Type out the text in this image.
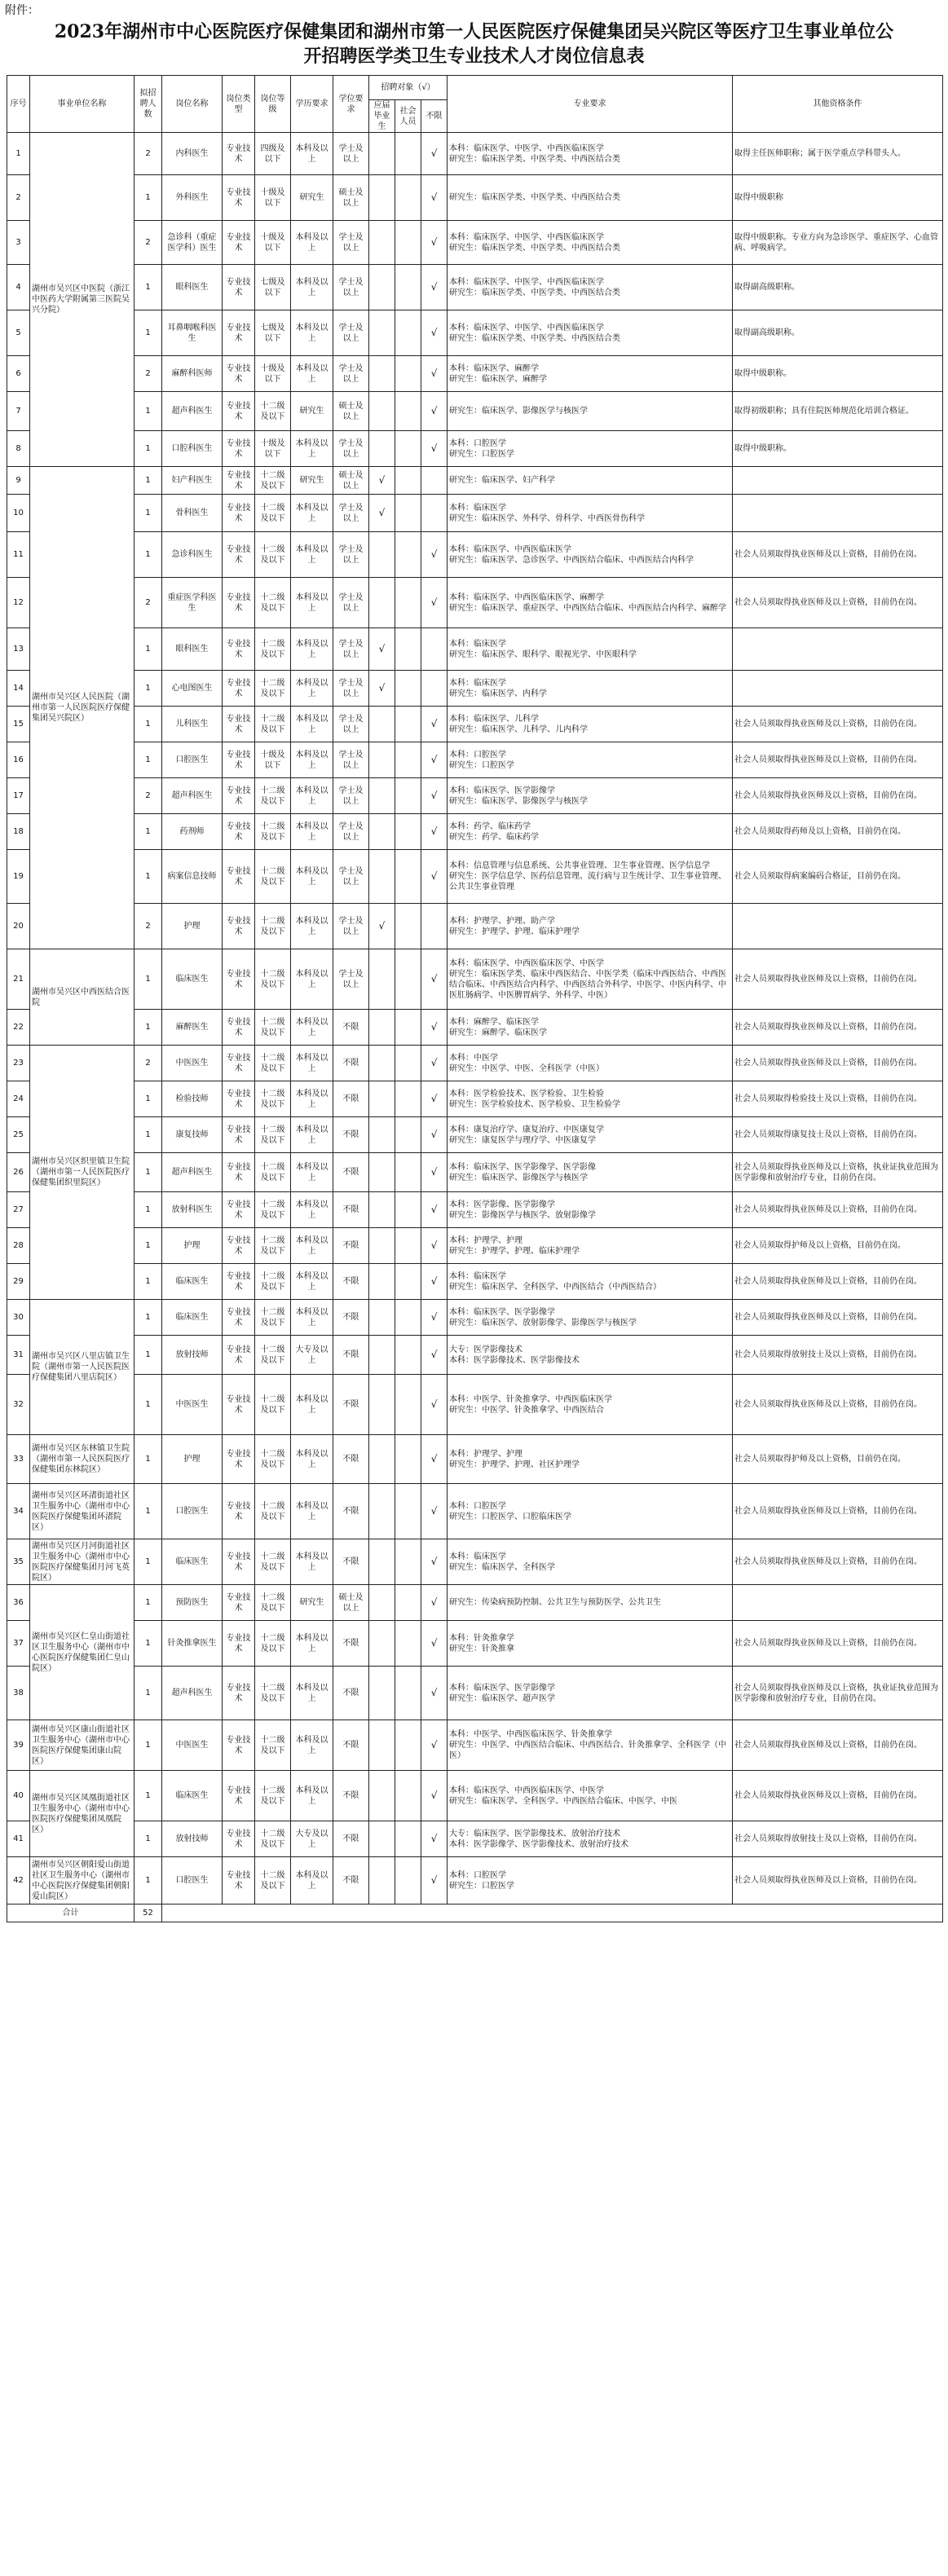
附件：
2023年湖州市中心医院医疗保健集团和湖州市第一人民医院医疗保健集团吴兴院区等医疗卫生事业单位公
开招聘医学类卫生专业技术人才岗位信息表
序号	事业单位名称	拟招聘人数	岗位名称	岗位类型	岗位等级	学历要求	学位要求	招聘对象（√）			专业要求	其他资格条件
								应届毕业生	社会人员	不限		
1	湖州市吴兴区中医院（浙江中医药大学附属第三医院吴兴分院）	2	内科医生	专业技术	四级及以下	本科及以上	学士及以上			√	本科：临床医学、中医学、中西医临床医学
研究生：临床医学类、中医学类、中西医结合类	取得主任医师职称；属于医学重点学科带头人。
2		1	外科医生	专业技术	十级及以下	研究生	硕士及以上			√	研究生：临床医学类、中医学类、中西医结合类	取得中级职称
3		2	急诊科（重症医学科）医生	专业技术	十级及以下	本科及以上	学士及以上			√	本科：临床医学、中医学、中西医临床医学
研究生：临床医学类、中医学类、中西医结合类	取得中级职称。专业方向为急诊医学、重症医学、心血管病、呼吸病学。
4		1	眼科医生	专业技术	七级及以下	本科及以上	学士及以上			√	本科：临床医学、中医学、中西医临床医学
研究生：临床医学类、中医学类、中西医结合类	取得副高级职称。
5		1	耳鼻咽喉科医生	专业技术	七级及以下	本科及以上	学士及以上			√	本科：临床医学、中医学、中西医临床医学
研究生：临床医学类、中医学类、中西医结合类	取得副高级职称。
6		2	麻醉科医师	专业技术	十级及以下	本科及以上	学士及以上			√	本科：临床医学、麻醉学
研究生：临床医学、麻醉学	取得中级职称。
7		1	超声科医生	专业技术	十二级及以下	研究生	硕士及以上			√	研究生：临床医学、影像医学与核医学	取得初级职称；具有住院医师规范化培训合格证。
8		1	口腔科医生	专业技术	十级及以下	本科及以上	学士及以上			√	本科：口腔医学
研究生：口腔医学	取得中级职称。
9	湖州市吴兴区人民医院（湖州市第一人民医院医疗保健集团吴兴院区）	1	妇产科医生	专业技术	十二级及以下	研究生	硕士及以上	√			研究生：临床医学、妇产科学	

10		1	骨科医生	专业技术	十二级及以下	本科及以上	学士及以上	√			本科：临床医学
研究生：临床医学、外科学、骨科学、中西医骨伤科学	

11		1	急诊科医生	专业技术	十二级及以下	本科及以上	学士及以上			√	本科：临床医学、中西医临床医学
研究生：临床医学、急诊医学、中西医结合临床、中西医结合内科学	社会人员须取得执业医师及以上资格，目前仍在岗。
12		2	重症医学科医生	专业技术	十二级及以下	本科及以上	学士及以上			√	本科：临床医学、中西医临床医学、麻醉学
研究生：临床医学、重症医学、中西医结合临床、中西医结合内科学、麻醉学	社会人员须取得执业医师及以上资格，目前仍在岗。
13		1	眼科医生	专业技术	十二级及以下	本科及以上	学士及以上	√			本科：临床医学
研究生：临床医学、眼科学、眼视光学、中医眼科学	

14		1	心电图医生	专业技术	十二级及以下	本科及以上	学士及以上	√			本科：临床医学
研究生：临床医学、内科学	

15		1	儿科医生	专业技术	十二级及以下	本科及以上	学士及以上			√	本科：临床医学、儿科学
研究生：临床医学、儿科学、儿内科学	社会人员须取得执业医师及以上资格，目前仍在岗。
16		1	口腔医生	专业技术	十级及以下	本科及以上	学士及以上			√	本科：口腔医学
研究生：口腔医学	社会人员须取得执业医师及以上资格，目前仍在岗。
17		2	超声科医生	专业技术	十二级及以下	本科及以上	学士及以上			√	本科：临床医学、医学影像学
研究生：临床医学、影像医学与核医学	社会人员须取得执业医师及以上资格，目前仍在岗。
18		1	药剂师	专业技术	十二级及以下	本科及以上	学士及以上			√	本科：药学、临床药学
研究生：药学、临床药学	社会人员须取得药师及以上资格，目前仍在岗。
19		1	病案信息技师	专业技术	十二级及以下	本科及以上	学士及以上			√	本科：信息管理与信息系统、公共事业管理、卫生事业管理、医学信息学
研究生：医学信息学、医药信息管理、流行病与卫生统计学、卫生事业管理、公共卫生事业管理	社会人员须取得病案编码合格证，目前仍在岗。
20		2	护理	专业技术	十二级及以下	本科及以上	学士及以上	√			本科：护理学、护理、助产学
研究生：护理学、护理、临床护理学	

21	湖州市吴兴区中西医结合医院	1	临床医生	专业技术	十二级及以下	本科及以上	学士及以上			√	本科：临床医学、中西医临床医学、中医学
研究生：临床医学类、临床中西医结合、中医学类（临床中西医结合、中西医结合临床、中西医结合内科学、中西医结合外科学、中医学、中医内科学、中医肛肠病学、中医脾胃病学、外科学、中医）	社会人员须取得执业医师及以上资格，目前仍在岗。
22		1	麻醉医生	专业技术	十二级及以下	本科及以上	不限			√	本科：麻醉学、临床医学
研究生：麻醉学、临床医学	社会人员须取得执业医师及以上资格，目前仍在岗。
23	湖州市吴兴区织里镇卫生院（湖州市第一人民医院医疗保健集团织里院区）	2	中医医生	专业技术	十二级及以下	本科及以上	不限			√	本科：中医学
研究生：中医学、中医、全科医学（中医）	社会人员须取得执业医师及以上资格，目前仍在岗。
24		1	检验技师	专业技术	十二级及以下	本科及以上	不限			√	本科：医学检验技术、医学检验、卫生检验
研究生：医学检验技术、医学检验、卫生检验学	社会人员须取得检验技士及以上资格，目前仍在岗。
25		1	康复技师	专业技术	十二级及以下	本科及以上	不限			√	本科：康复治疗学、康复治疗、中医康复学
研究生：康复医学与理疗学、中医康复学	社会人员须取得康复技士及以上资格，目前仍在岗。
26		1	超声科医生	专业技术	十二级及以下	本科及以上	不限			√	本科：临床医学、医学影像学、医学影像
研究生：临床医学、影像医学与核医学	社会人员须取得执业医师及以上资格，执业证执业范围为医学影像和放射治疗专业，目前仍在岗。
27		1	放射科医生	专业技术	十二级及以下	本科及以上	不限			√	本科：医学影像、医学影像学
研究生：影像医学与核医学、放射影像学	社会人员须取得执业医师及以上资格，目前仍在岗。
28		1	护理	专业技术	十二级及以下	本科及以上	不限			√	本科：护理学、护理
研究生：护理学、护理、临床护理学	社会人员须取得护师及以上资格，目前仍在岗。
29		1	临床医生	专业技术	十二级及以下	本科及以上	不限			√	本科：临床医学
研究生：临床医学、全科医学、中西医结合（中西医结合）	社会人员须取得执业医师及以上资格，目前仍在岗。
30	湖州市吴兴区八里店镇卫生院（湖州市第一人民医院医疗保健集团八里店院区）	1	临床医生	专业技术	十二级及以下	本科及以上	不限			√	本科：临床医学、医学影像学
研究生：临床医学、放射影像学、影像医学与核医学	社会人员须取得执业医师及以上资格，目前仍在岗。
31		1	放射技师	专业技术	十二级及以下	大专及以上	不限			√	大专：医学影像技术
本科：医学影像技术、医学影像技术	社会人员须取得放射技士及以上资格，目前仍在岗。
32		1	中医医生	专业技术	十二级及以下	本科及以上	不限			√	本科：中医学、针灸推拿学、中西医临床医学
研究生：中医学、针灸推拿学、中西医结合	社会人员须取得执业医师及以上资格，目前仍在岗。
33	湖州市吴兴区东林镇卫生院（湖州市第一人民医院医疗保健集团东林院区）	1	护理	专业技术	十二级及以下	本科及以上	不限			√	本科：护理学、护理
研究生：护理学、护理、社区护理学	社会人员须取得护师及以上资格，目前仍在岗。
34	湖州市吴兴区环渚街道社区卫生服务中心（湖州市中心医院医疗保健集团环渚院区）	1	口腔医生	专业技术	十二级及以下	本科及以上	不限			√	本科：口腔医学
研究生：口腔医学、口腔临床医学	社会人员须取得执业医师及以上资格，目前仍在岗。
35	湖州市吴兴区月河街道社区卫生服务中心（湖州市中心医院医疗保健集团月河飞英院区）	1	临床医生	专业技术	十二级及以下	本科及以上	不限			√	本科：临床医学
研究生：临床医学、全科医学	社会人员须取得执业医师及以上资格，目前仍在岗。
36	湖州市吴兴区仁皇山街道社区卫生服务中心（湖州市中心医院医疗保健集团仁皇山院区）	1	预防医生	专业技术	十二级及以下	研究生	硕士及以上			√	研究生：传染病预防控制、公共卫生与预防医学、公共卫生	

37		1	针灸推拿医生	专业技术	十二级及以下	本科及以上	不限			√	本科：针灸推拿学
研究生：针灸推拿	社会人员须取得执业医师及以上资格，目前仍在岗。
38		1	超声科医生	专业技术	十二级及以下	本科及以上	不限			√	本科：临床医学、医学影像学
研究生：临床医学、超声医学	社会人员须取得执业医师及以上资格，执业证执业范围为医学影像和放射治疗专业，目前仍在岗。
39	湖州市吴兴区康山街道社区卫生服务中心（湖州市中心医院医疗保健集团康山院区）	1	中医医生	专业技术	十二级及以下	本科及以上	不限			√	本科：中医学、中西医临床医学、针灸推拿学
研究生：中医学、中西医结合临床、中西医结合、针灸推拿学、全科医学（中医）	社会人员须取得执业医师及以上资格，目前仍在岗。
40	湖州市吴兴区凤凰街道社区卫生服务中心（湖州市中心医院医疗保健集团凤凰院区）	1	临床医生	专业技术	十二级及以下	本科及以上	不限			√	本科：临床医学、中西医临床医学、中医学
研究生：临床医学、全科医学、中西医结合临床、中医学、中医	社会人员须取得执业医师及以上资格，目前仍在岗。
41		1	放射技师	专业技术	十二级及以下	大专及以上	不限			√	大专：临床医学、医学影像技术、放射治疗技术
本科：医学影像学、医学影像技术、放射治疗技术	社会人员须取得放射技士及以上资格，目前仍在岗。
42	湖州市吴兴区朝阳爱山街道社区卫生服务中心（湖州市中心医院医疗保健集团朝阳爱山院区）	1	口腔医生	专业技术	十二级及以下	本科及以上	不限			√	本科：口腔医学
研究生：口腔医学	社会人员须取得执业医师及以上资格，目前仍在岗。
合计		52										
